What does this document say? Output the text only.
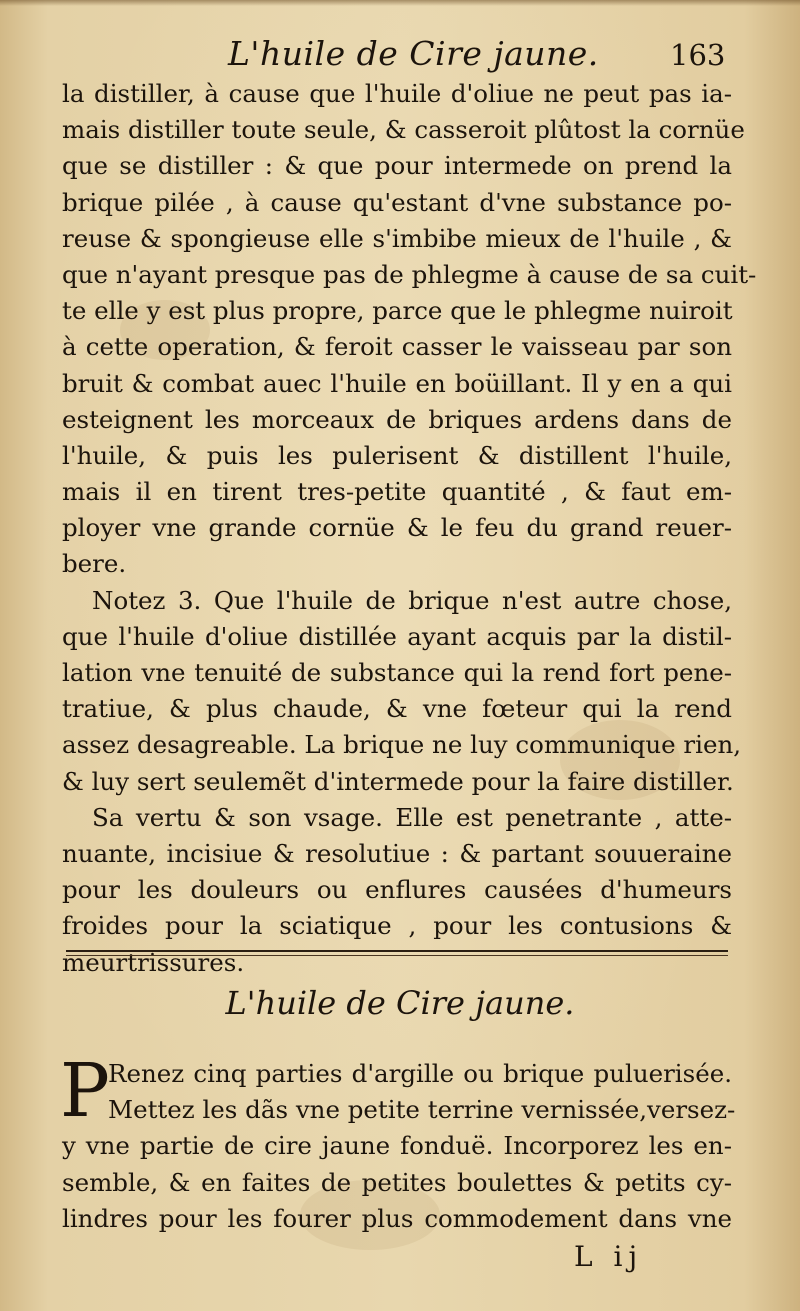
L'huile de Cire jaune. 163
la distiller, à cause que l'huile d'oliue ne peut pas ia-
mais distiller toute seule, & casseroit plûtost la cornüe
que se distiller : & que pour intermede on prend la
brique pilée , à cause qu'estant d'vne substance po-
reuse & spongieuse elle s'imbibe mieux de l'huile , &
que n'ayant presque pas de phlegme à cause de sa cuit-
te elle y est plus propre, parce que le phlegme nuiroit
à cette operation, & feroit casser le vaisseau par son
bruit & combat auec l'huile en boüillant. Il y en a qui
esteignent les morceaux de briques ardens dans de
l'huile, & puis les pulerisent & distillent l'huile,
mais il en tirent tres-petite quantité , & faut em-
ployer vne grande cornüe & le feu du grand reuer-
bere.
Notez 3. Que l'huile de brique n'est autre chose,
que l'huile d'oliue distillée ayant acquis par la distil-
lation vne tenuité de substance qui la rend fort pene-
tratiue, & plus chaude, & vne fœteur qui la rend
assez desagreable. La brique ne luy communique rien,
& luy sert seulemẽt d'intermede pour la faire distiller.
Sa vertu & son vsage. Elle est penetrante , atte-
nuante, incisiue & resolutiue : & partant souueraine
pour les douleurs ou enflures causées d'humeurs
froides pour la sciatique , pour les contusions &
meurtrissures.
L'huile de Cire jaune.
P
Renez cinq parties d'argille ou brique puluerisée.
Mettez les dãs vne petite terrine vernissée,versez-
y vne partie de cire jaune fonduë. Incorporez les en-
semble, & en faites de petites boulettes & petits cy-
lindres pour les fourer plus commodement dans vne
L ij
